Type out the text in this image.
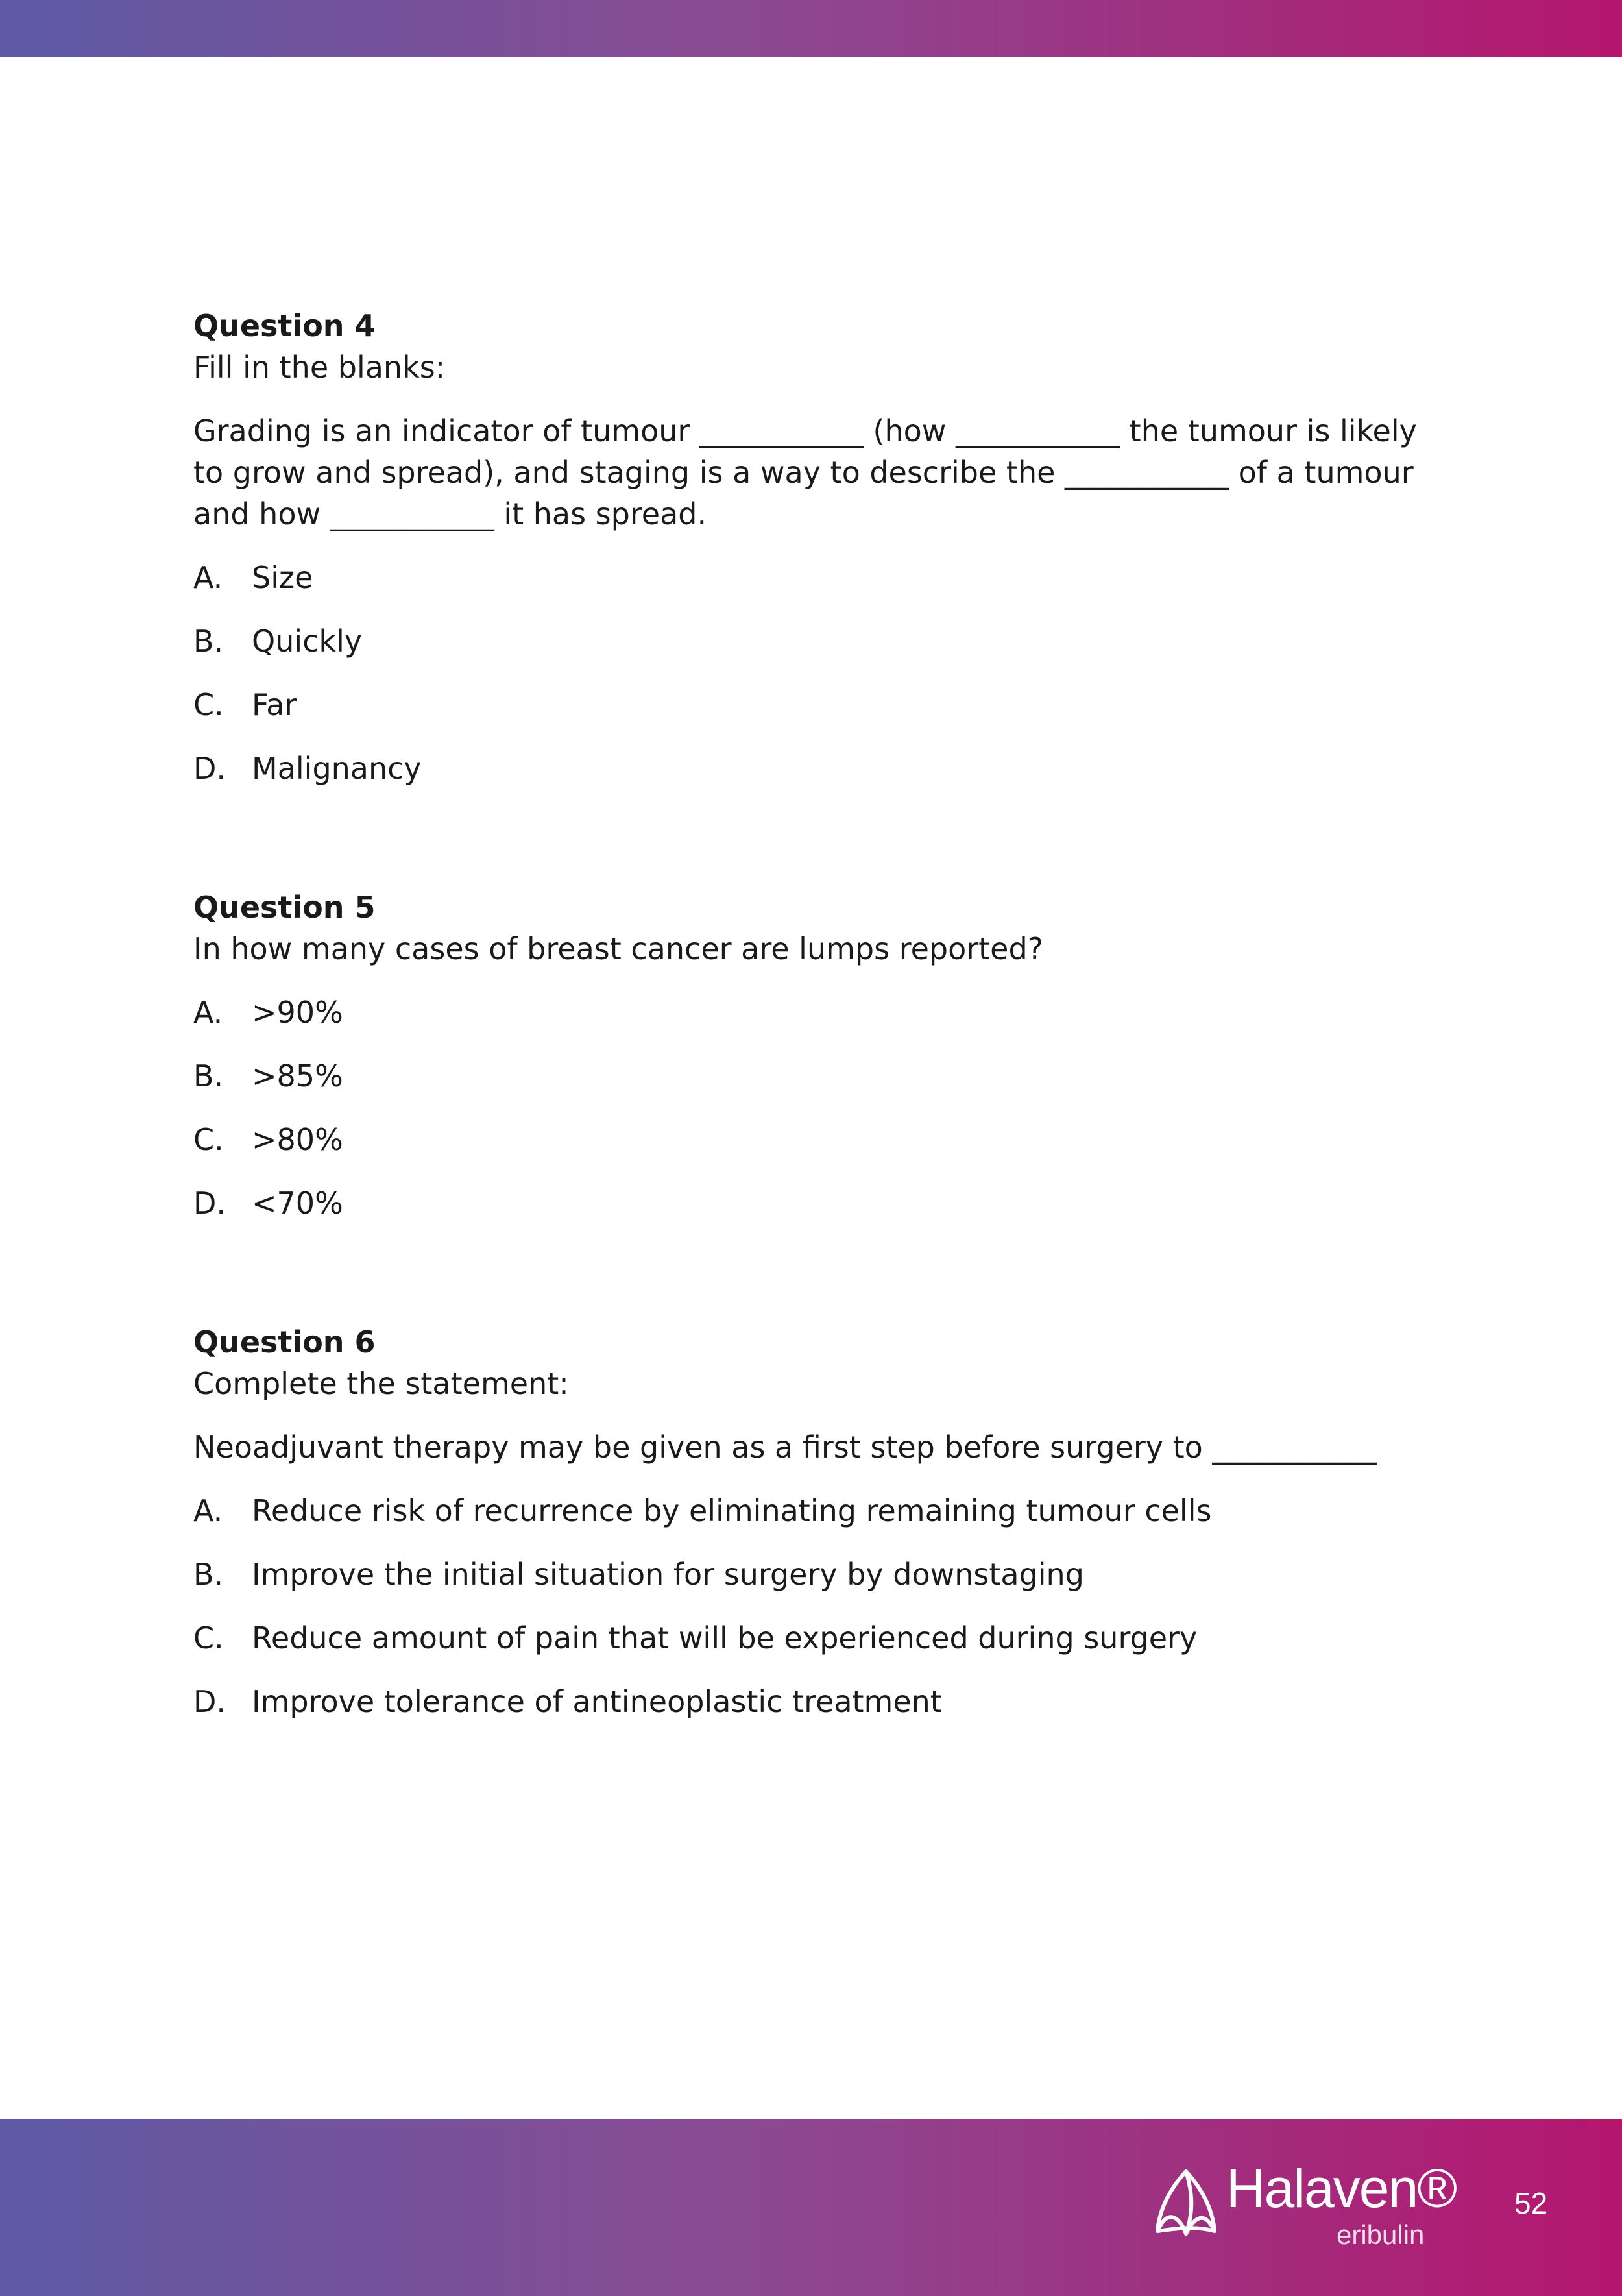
Question 4
Fill in the blanks:
Grading is an indicator of tumour ___________ (how ___________ the tumour is likely to grow and spread), and staging is a way to describe the ___________ of a tumour and how ___________ it has spread.
A. Size
B. Quickly
C. Far
D. Malignancy
Question 5
In how many cases of breast cancer are lumps reported?
A. >90%
B. >85%
C. >80%
D. <70%
Question 6
Complete the statement:
Neoadjuvant therapy may be given as a first step before surgery to ___________
A. Reduce risk of recurrence by eliminating remaining tumour cells
B. Improve the initial situation for surgery by downstaging
C. Reduce amount of pain that will be experienced during surgery
D. Improve tolerance of antineoplastic treatment
Halaven®
eribulin
52
